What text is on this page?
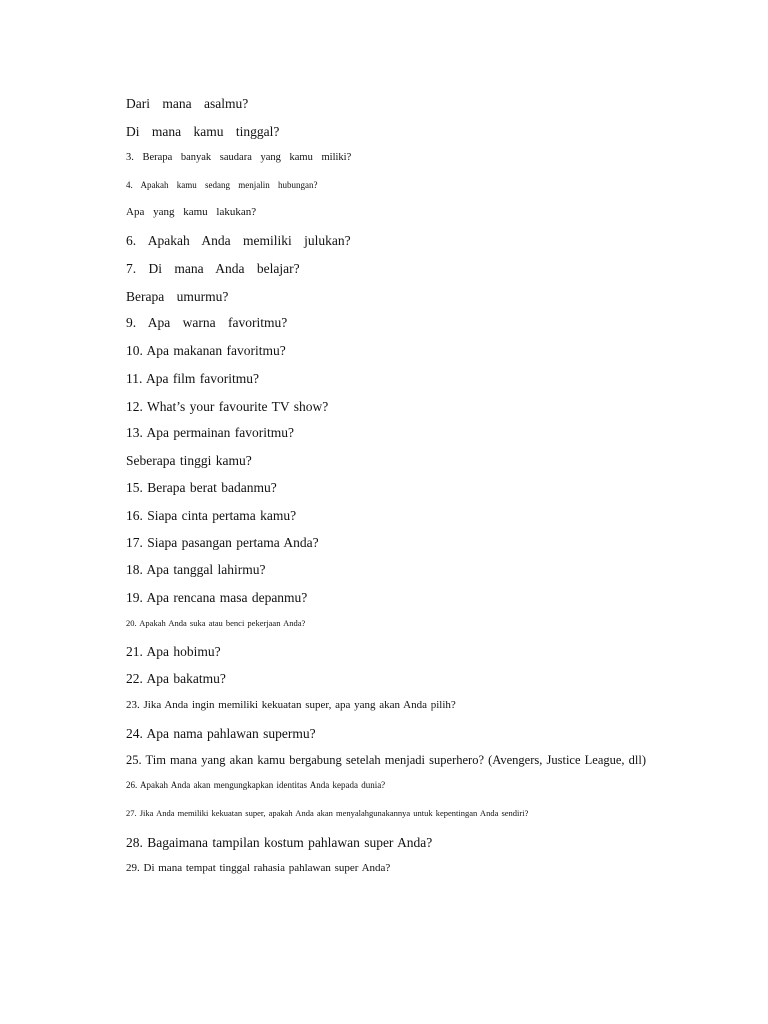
Dari mana asalmu?

Di mana kamu tinggal?

3. Berapa banyak saudara yang kamu miliki?

4. Apakah kamu sedang menjalin hubungan?

Apa yang kamu lakukan?

6. Apakah Anda memiliki julukan?

7. Di mana Anda belajar?

Berapa umurmu?

9. Apa warna favoritmu?

10. Apa makanan favoritmu?

11. Apa film favoritmu?

12. What’s your favourite TV show?

13. Apa permainan favoritmu?

Seberapa tinggi kamu?

15. Berapa berat badanmu?

16. Siapa cinta pertama kamu?

17. Siapa pasangan pertama Anda?

18. Apa tanggal lahirmu?

19. Apa rencana masa depanmu?

20. Apakah Anda suka atau benci pekerjaan Anda?

21. Apa hobimu?

22. Apa bakatmu?

23. Jika Anda ingin memiliki kekuatan super, apa yang akan Anda pilih?

24. Apa nama pahlawan supermu?

25. Tim mana yang akan kamu bergabung setelah menjadi superhero? (Avengers, Justice League, dll)

26. Apakah Anda akan mengungkapkan identitas Anda kepada dunia?

27. Jika Anda memiliki kekuatan super, apakah Anda akan menyalahgunakannya untuk kepentingan Anda sendiri?

28. Bagaimana tampilan kostum pahlawan super Anda?

29. Di mana tempat tinggal rahasia pahlawan super Anda?
